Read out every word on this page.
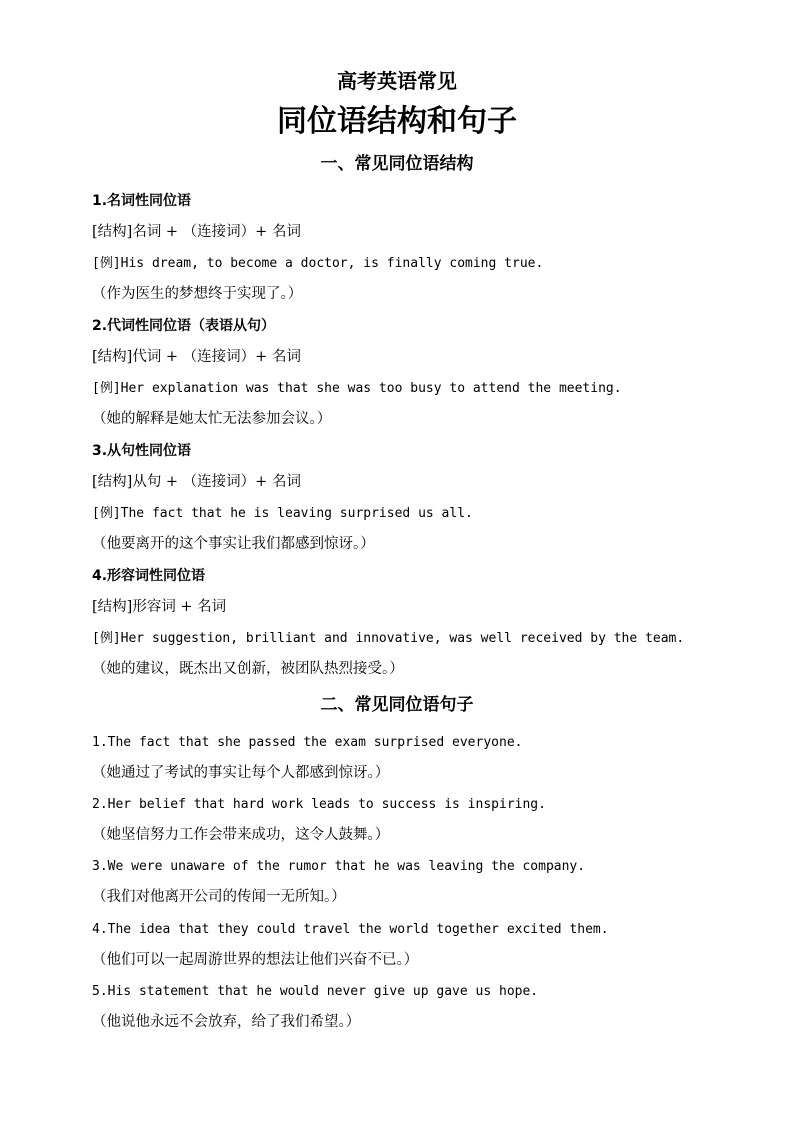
高考英语常见
同位语结构和句子
一、常见同位语结构
1.名词性同位语
[结构]名词 + （连接词）+ 名词
[例]His dream, to become a doctor, is finally coming true.
（作为医生的梦想终于实现了。）
2.代词性同位语（表语从句）
[结构]代词 + （连接词）+ 名词
[例]Her explanation was that she was too busy to attend the meeting.
（她的解释是她太忙无法参加会议。）
3.从句性同位语
[结构]从句 + （连接词）+ 名词
[例]The fact that he is leaving surprised us all.
（他要离开的这个事实让我们都感到惊讶。）
4.形容词性同位语
[结构]形容词 + 名词
[例]Her suggestion, brilliant and innovative, was well received by the team.
（她的建议，既杰出又创新，被团队热烈接受。）
二、常见同位语句子
1.The fact that she passed the exam surprised everyone.
（她通过了考试的事实让每个人都感到惊讶。）
2.Her belief that hard work leads to success is inspiring.
（她坚信努力工作会带来成功，这令人鼓舞。）
3.We were unaware of the rumor that he was leaving the company.
（我们对他离开公司的传闻一无所知。）
4.The idea that they could travel the world together excited them.
（他们可以一起周游世界的想法让他们兴奋不已。）
5.His statement that he would never give up gave us hope.
（他说他永远不会放弃，给了我们希望。）
